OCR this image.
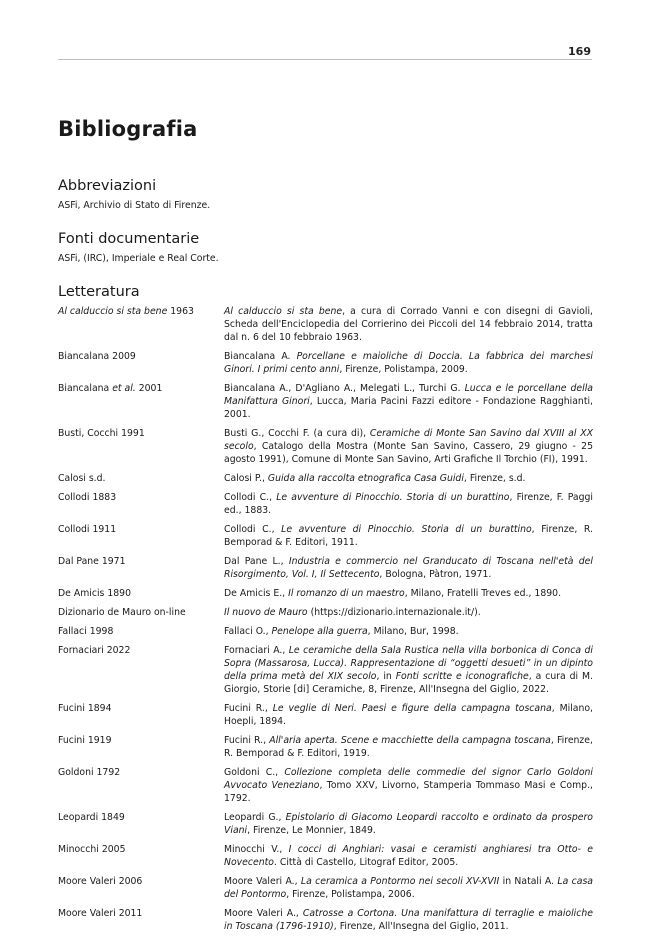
169
Bibliografia
Abbreviazioni

ASFi, Archivio di Stato di Firenze.

Fonti documentarie

ASFi, (IRC), Imperiale e Real Corte.

Letteratura
Al calduccio si sta bene 1963	Al calduccio si sta bene, a cura di Corrado Vanni e con disegni di Gavioli, Scheda dell'Enciclopedia del Corrierino dei Piccoli del 14 febbraio 2014, tratta dal n. 6 del 10 febbraio 1963.
Biancalana 2009	Biancalana A. Porcellane e maioliche di Doccia. La fabbrica dei marchesi Ginori. I primi cento anni, Firenze, Polistampa, 2009.
Biancalana et al. 2001	Biancalana A., D'Agliano A., Melegati L., Turchi G. Lucca e le porcellane della Manifattura Ginori, Lucca, Maria Pacini Fazzi editore - Fondazione Ragghianti, 2001.
Busti, Cocchi 1991	Busti G., Cocchi F. (a cura di), Ceramiche di Monte San Savino dal XVIII al XX secolo, Catalogo della Mostra (Monte San Savino, Cassero, 29 giugno - 25 agosto 1991), Comune di Monte San Savino, Arti Grafiche Il Torchio (FI), 1991.
Calosi s.d.	Calosi P., Guida alla raccolta etnografica Casa Guidi, Firenze, s.d.
Collodi 1883	Collodi C., Le avventure di Pinocchio. Storia di un burattino, Firenze, F. Paggi ed., 1883.
Collodi 1911	Collodi C., Le avventure di Pinocchio. Storia di un burattino, Firenze, R. Bemporad & F. Editori, 1911.
Dal Pane 1971	Dal Pane L., Industria e commercio nel Granducato di Toscana nell'età del Risorgimento, Vol. I, Il Settecento, Bologna, Pàtron, 1971.
De Amicis 1890	De Amicis E., Il romanzo di un maestro, Milano, Fratelli Treves ed., 1890.
Dizionario de Mauro on-line	Il nuovo de Mauro (https://dizionario.internazionale.it/).
Fallaci 1998	Fallaci O., Penelope alla guerra, Milano, Bur, 1998.
Fornaciari 2022	Fornaciari A., Le ceramiche della Sala Rustica nella villa borbonica di Conca di Sopra (Massarosa, Lucca). Rappresentazione di “oggetti desueti” in un dipinto della prima metà del XIX secolo, in Fonti scritte e iconografiche, a cura di M. Giorgio, Storie [di] Ceramiche, 8, Firenze, All'Insegna del Giglio, 2022.
Fucini 1894	Fucini R., Le veglie di Neri. Paesi e figure della campagna toscana, Milano, Hoepli, 1894.
Fucini 1919	Fucini R., All'aria aperta. Scene e macchiette della campagna toscana, Firenze, R. Bemporad & F. Editori, 1919.
Goldoni 1792	Goldoni C., Collezione completa delle commedie del signor Carlo Goldoni Avvocato Veneziano, Tomo XXV, Livorno, Stamperia Tommaso Masi e Comp., 1792.
Leopardi 1849	Leopardi G., Epistolario di Giacomo Leopardi raccolto e ordinato da prospero Viani, Firenze, Le Monnier, 1849.
Minocchi 2005	Minocchi V., I cocci di Anghiari: vasai e ceramisti anghiaresi tra Otto- e Novecento. Città di Castello, Litograf Editor, 2005.
Moore Valeri 2006	Moore Valeri A., La ceramica a Pontormo nei secoli XV-XVII in Natali A. La casa del Pontormo, Firenze, Polistampa, 2006.
Moore Valeri 2011	Moore Valeri A., Catrosse a Cortona. Una manifattura di terraglie e maioliche in Toscana (1796-1910), Firenze, All'Insegna del Giglio, 2011.
